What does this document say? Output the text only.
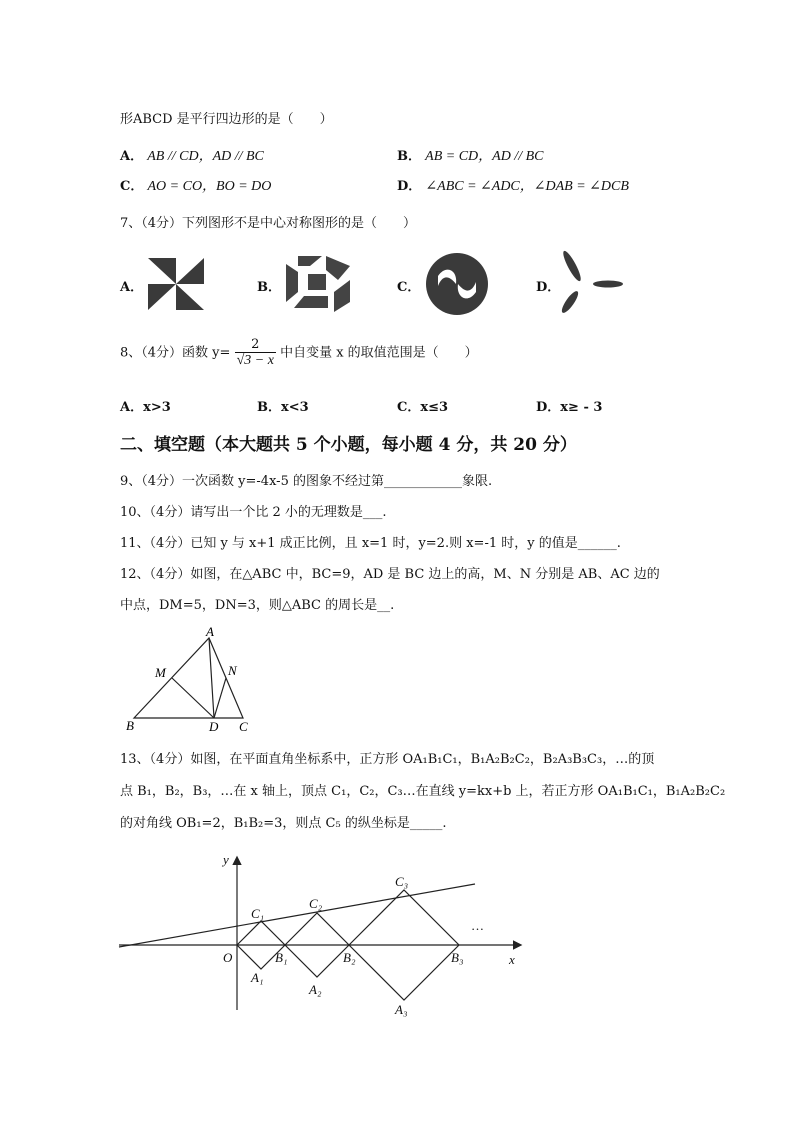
形ABCD 是平行四边形的是（　　）
A． AB // CD，AD // BC	B． AB = CD，AD // BC
C． AO = CO，BO = DO	D． ∠ABC = ∠ADC，∠DAB = ∠DCB
7、（4分）下列图形不是中心对称图形的是（　　）
A．	B．	C．	D．
8、（4分）函数 $y= \frac{2}{√3 - x}$ 中自变量 x 的取值范围是（　　）
A．x>3	B．x<3	C．x≤3	D．x≥ - 3
二、填空题（本大题共 5 个小题，每小题 4 分，共 20 分）
9、（4分）一次函数 y=-4x-5 的图象不经过第____________象限.
10、（4分）请写出一个比 2 小的无理数是___.
11、（4分）已知 y 与 x+1 成正比例，且 x=1 时，y=2.则 x=-1 时，y 的值是______.
12、（4分）如图，在△ABC 中，BC=9，AD 是 BC 边上的高，M、N 分别是 AB、AC 边的
中点，DM=5，DN=3，则△ABC 的周长是__.
A
B	C
D
M	N
13、（4分）如图，在平面直角坐标系中，正方形 OA₁B₁C₁，B₁A₂B₂C₂，B₂A₃B₃C₃，…的顶
点 B₁，B₂，B₃，…在 x 轴上，顶点 C₁，C₂，C₃…在直线 y=kx+b 上，若正方形 OA₁B₁C₁，B₁A₂B₂C₂
的对角线 OB₁=2，B₁B₂=3，则点 C₅ 的纵坐标是_____.
y
x
O	B₁	B₂	B₃
C₁
C₂
C₃
A₁
A₂
A₃
…
